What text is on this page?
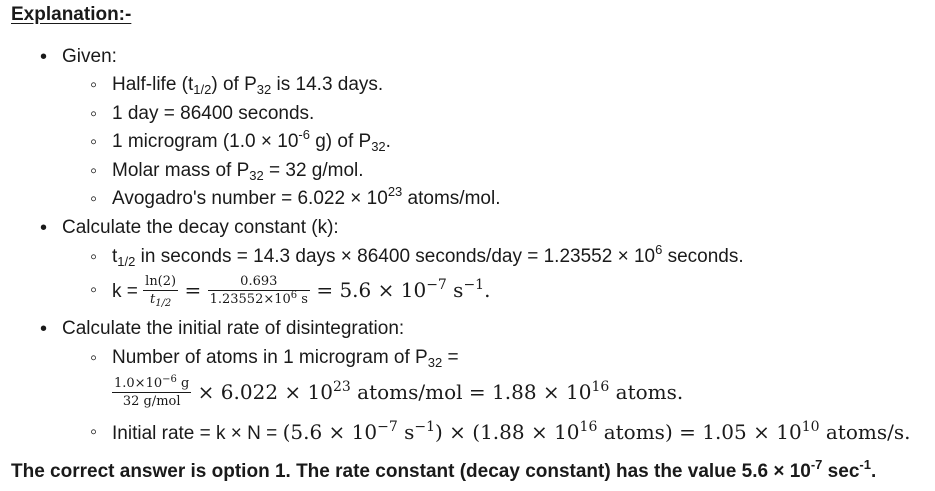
Explanation:-
• Given:
◦ Half-life $(t_{1/2})$ of $P_{32}$ is 14.3 days.
◦ 1 day = 86400 seconds.
◦ 1 microgram ($1.0 \times 10^{-6}$ g) of $P_{32}$.
◦ Molar mass of $P_{32} = 32$ g/mol.
◦ Avogadro's number = $6.022 \times 10^{23}$ atoms/mol.
• Calculate the decay constant (k):
◦ $t_{1/2}$ in seconds = 14.3 days × 86400 seconds/day = $1.23552 \times 10^6$ seconds.
◦ $k = \frac{\ln(2)}{t_{1/2}} = \frac{0.693}{1.23552\times 10^6 s} = 5.6 \times 10^{-7}$ $s^{-1}$.
• Calculate the initial rate of disintegration:
◦ Number of atoms in 1 microgram of $P_{32}$ =
$\frac{1.0\times 10^{-6} g}{\text{32 g/mol}} \times 6.022 \times 10^{23}$ atoms/mol = $1.88 \times 10^{16}$ atoms.
◦ Initial rate = $k \times N = (5.6 \times 10^{-7}$ $s^{-1}) \times (1.88 \times 10^{16}$ atoms) = $1.05 \times 10^{10}$ atoms/s.
The correct answer is option 1. The rate constant (decay constant) has the value $5.6 \times 10^{-7}$ $\sec^{-1}$.
